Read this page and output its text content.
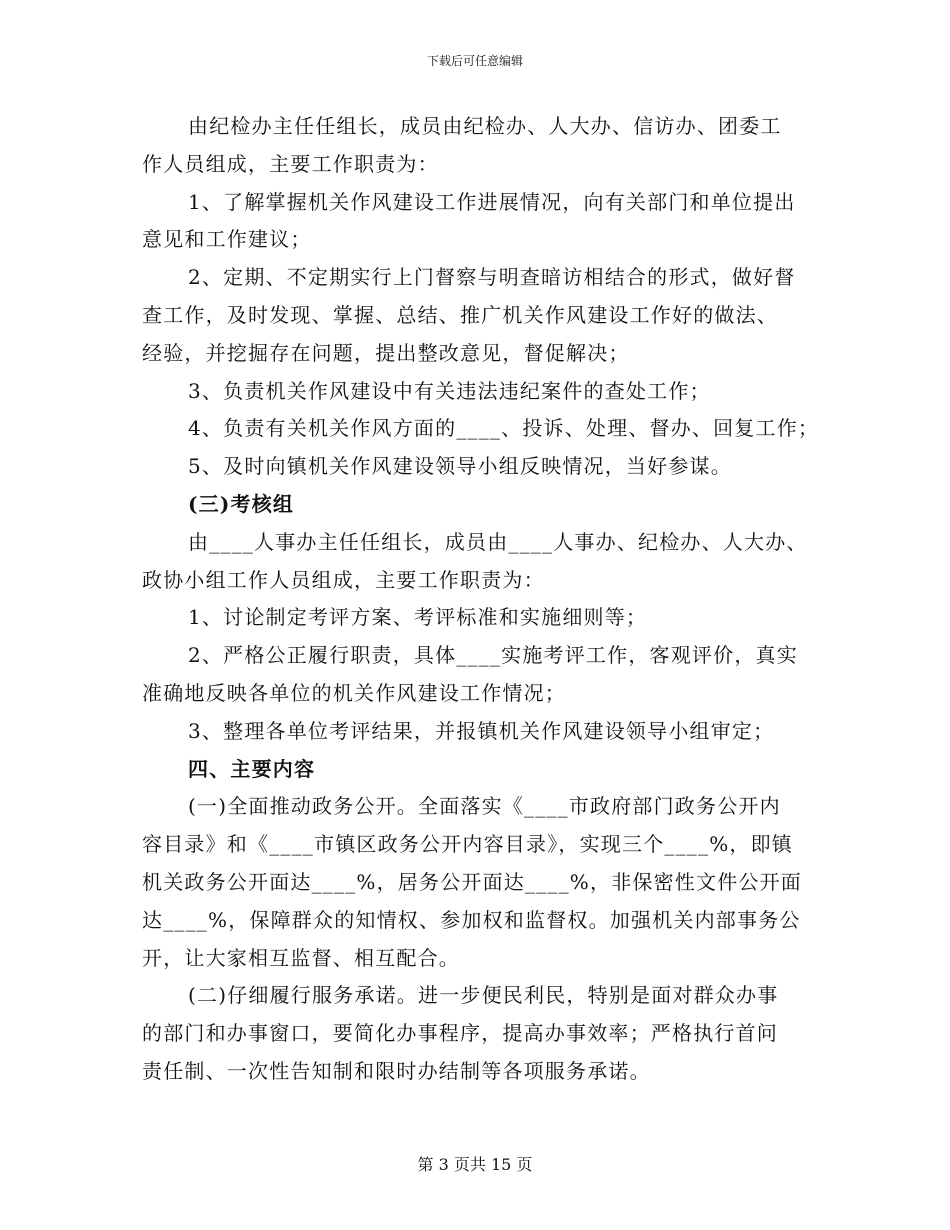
下载后可任意编辑
由纪检办主任任组长，成员由纪检办、人大办、信访办、团委工
作人员组成，主要工作职责为：
1、了解掌握机关作风建设工作进展情况，向有关部门和单位提出
意见和工作建议；
2、定期、不定期实行上门督察与明查暗访相结合的形式，做好督
查工作，及时发现、掌握、总结、推广机关作风建设工作好的做法、
经验，并挖掘存在问题，提出整改意见，督促解决；
3、负责机关作风建设中有关违法违纪案件的查处工作；
4、负责有关机关作风方面的____、投诉、处理、督办、回复工作；
5、及时向镇机关作风建设领导小组反映情况，当好参谋。
(三)考核组
由____人事办主任任组长，成员由____人事办、纪检办、人大办、
政协小组工作人员组成，主要工作职责为：
1、讨论制定考评方案、考评标准和实施细则等；
2、严格公正履行职责，具体____实施考评工作，客观评价，真实
准确地反映各单位的机关作风建设工作情况；
3、整理各单位考评结果，并报镇机关作风建设领导小组审定；
四、主要内容
(一)全面推动政务公开。全面落实《____市政府部门政务公开内
容目录》和《____市镇区政务公开内容目录》，实现三个____%，即镇
机关政务公开面达____%，居务公开面达____%，非保密性文件公开面
达____%，保障群众的知情权、参加权和监督权。加强机关内部事务公
开，让大家相互监督、相互配合。
(二)仔细履行服务承诺。进一步便民利民，特别是面对群众办事
的部门和办事窗口，要简化办事程序，提高办事效率；严格执行首问
责任制、一次性告知制和限时办结制等各项服务承诺。
第 3 页共 15 页
